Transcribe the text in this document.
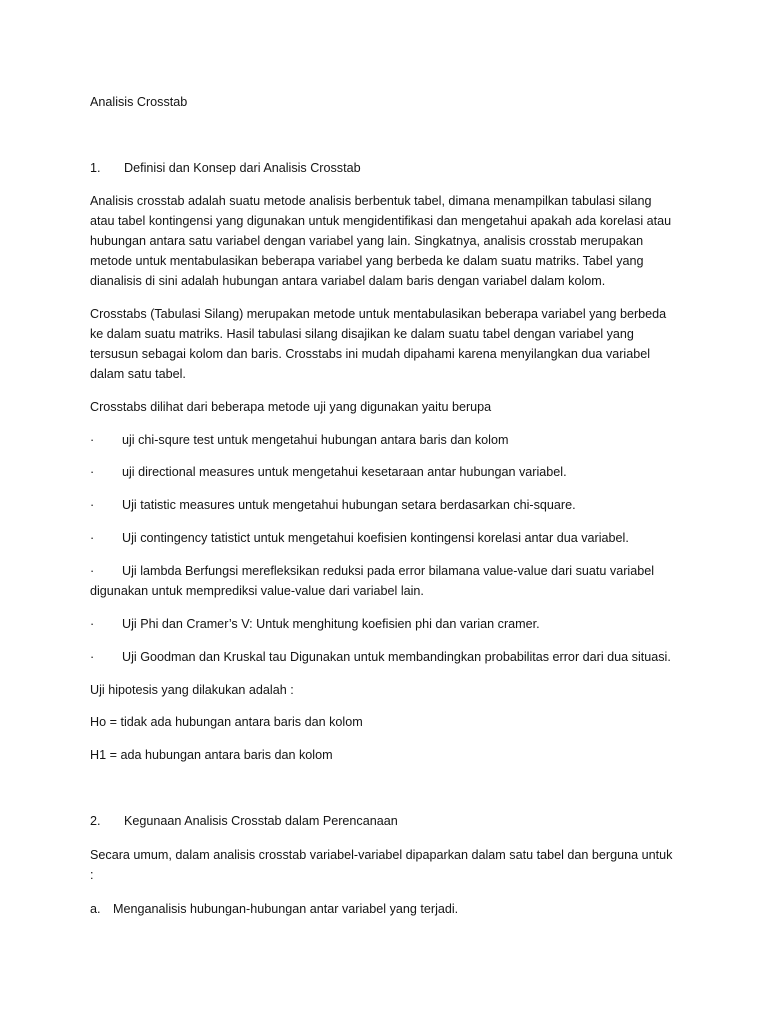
Analisis Crosstab
1. Definisi dan Konsep dari Analisis Crosstab
Analisis crosstab adalah suatu metode analisis berbentuk tabel, dimana menampilkan tabulasi silang
atau tabel kontingensi yang digunakan untuk mengidentifikasi dan mengetahui apakah ada korelasi atau
hubungan antara satu variabel dengan variabel yang lain. Singkatnya, analisis crosstab merupakan
metode untuk mentabulasikan beberapa variabel yang berbeda ke dalam suatu matriks. Tabel yang
dianalisis di sini adalah hubungan antara variabel dalam baris dengan variabel dalam kolom.
Crosstabs (Tabulasi Silang) merupakan metode untuk mentabulasikan beberapa variabel yang berbeda
ke dalam suatu matriks. Hasil tabulasi silang disajikan ke dalam suatu tabel dengan variabel yang
tersusun sebagai kolom dan baris. Crosstabs ini mudah dipahami karena menyilangkan dua variabel
dalam satu tabel.
Crosstabs dilihat dari beberapa metode uji yang digunakan yaitu berupa
· uji chi-squre test untuk mengetahui hubungan antara baris dan kolom
· uji directional measures untuk mengetahui kesetaraan antar hubungan variabel.
· Uji tatistic measures untuk mengetahui hubungan setara berdasarkan chi-square.
· Uji contingency tatistict untuk mengetahui koefisien kontingensi korelasi antar dua variabel.
· Uji lambda Berfungsi merefleksikan reduksi pada error bilamana value-value dari suatu variabel
digunakan untuk memprediksi value-value dari variabel lain.
· Uji Phi dan Cramer’s V: Untuk menghitung koefisien phi dan varian cramer.
· Uji Goodman dan Kruskal tau Digunakan untuk membandingkan probabilitas error dari dua situasi.
Uji hipotesis yang dilakukan adalah :
Ho = tidak ada hubungan antara baris dan kolom
H1 = ada hubungan antara baris dan kolom
2. Kegunaan Analisis Crosstab dalam Perencanaan
Secara umum, dalam analisis crosstab variabel-variabel dipaparkan dalam satu tabel dan berguna untuk
:
a. Menganalisis hubungan-hubungan antar variabel yang terjadi.
